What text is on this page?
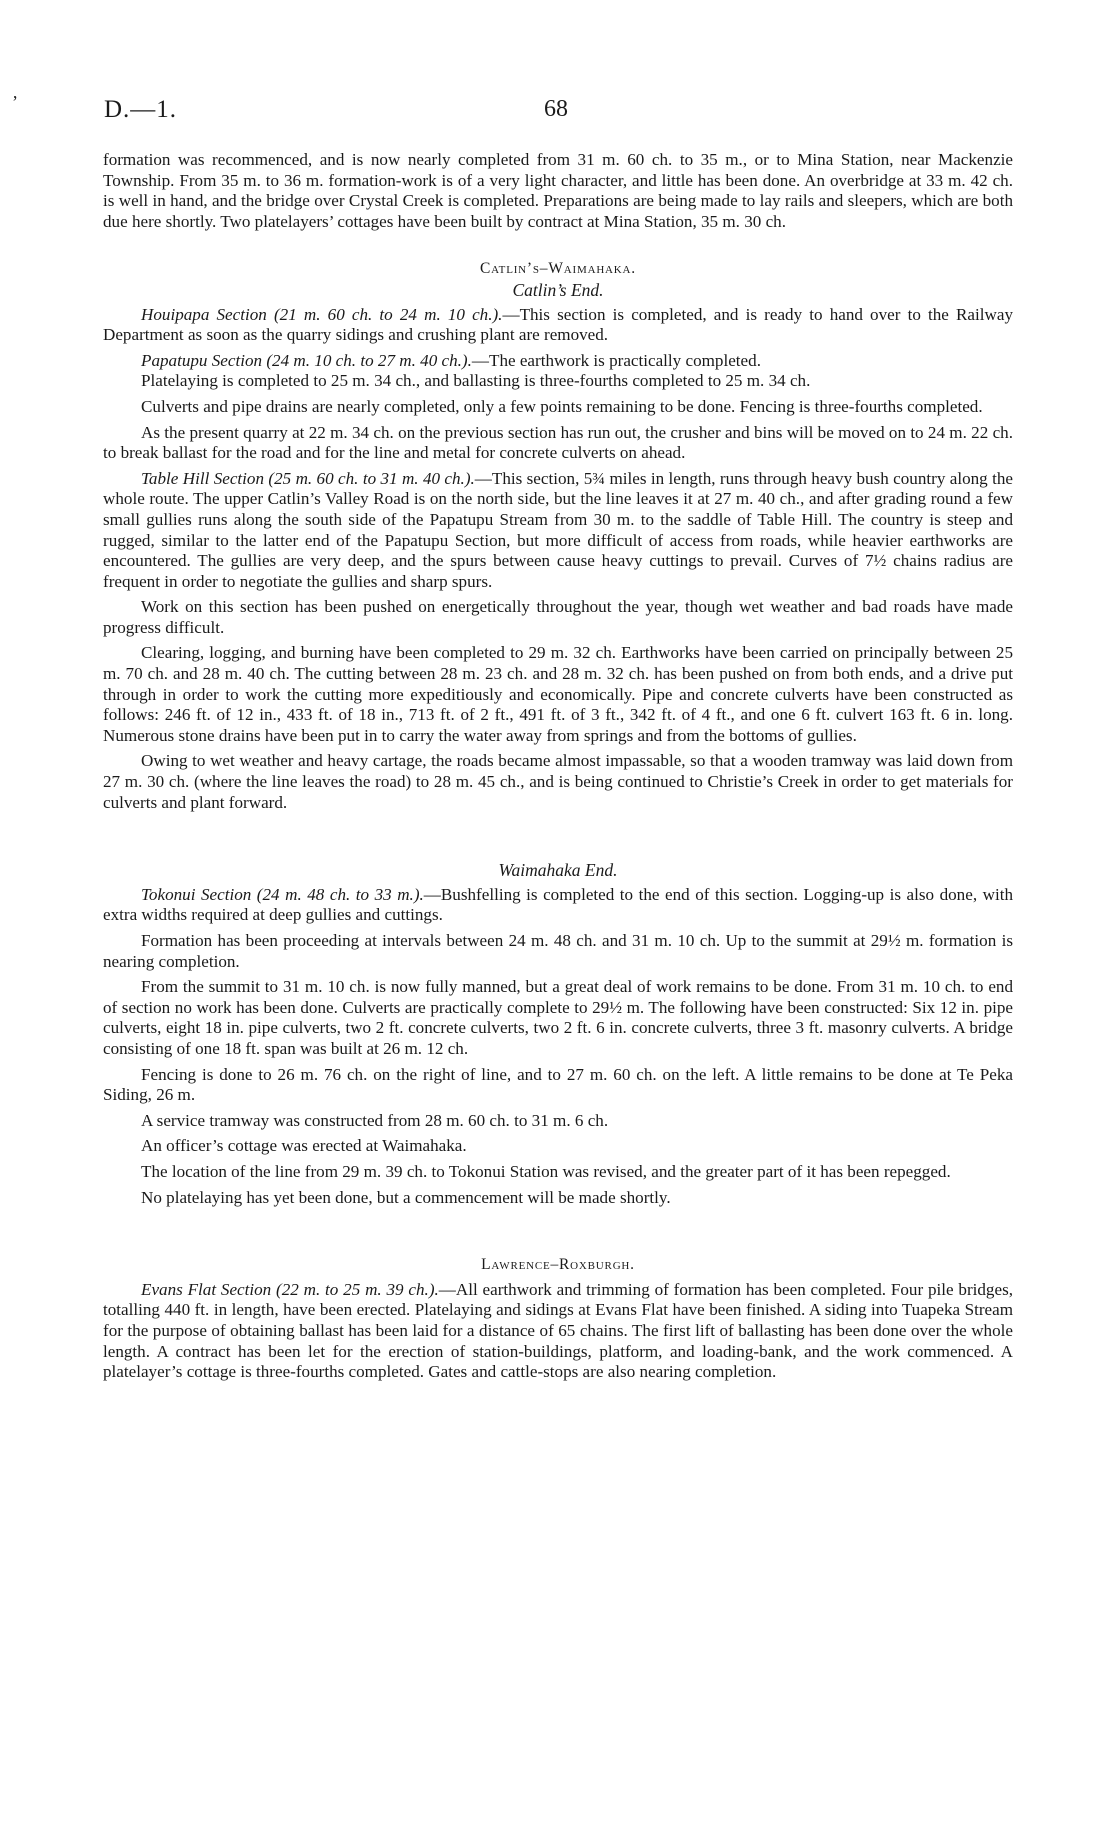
ʼ	D.—1.	68

formation was recommenced, and is now nearly completed from 31 m. 60 ch. to 35 m., or to Mina Station, near Mackenzie Township. From 35 m. to 36 m. formation-work is of a very light character, and little has been done. An overbridge at 33 m. 42 ch. is well in hand, and the bridge over Crystal Creek is completed. Preparations are being made to lay rails and sleepers, which are both due here shortly. Two platelayers’ cottages have been built by contract at Mina Station, 35 m. 30 ch.

Catlin’s–Waimahaka.

Catlin’s End.

Houipapa Section (21 m. 60 ch. to 24 m. 10 ch.).—This section is completed, and is ready to hand over to the Railway Department as soon as the quarry sidings and crushing plant are removed.

Papatupu Section (24 m. 10 ch. to 27 m. 40 ch.).—The earthwork is practically completed.

Platelaying is completed to 25 m. 34 ch., and ballasting is three-fourths completed to 25 m. 34 ch.

Culverts and pipe drains are nearly completed, only a few points remaining to be done. Fencing is three-fourths completed.

As the present quarry at 22 m. 34 ch. on the previous section has run out, the crusher and bins will be moved on to 24 m. 22 ch. to break ballast for the road and for the line and metal for concrete culverts on ahead.

Table Hill Section (25 m. 60 ch. to 31 m. 40 ch.).—This section, 5¾ miles in length, runs through heavy bush country along the whole route. The upper Catlin’s Valley Road is on the north side, but the line leaves it at 27 m. 40 ch., and after grading round a few small gullies runs along the south side of the Papatupu Stream from 30 m. to the saddle of Table Hill. The country is steep and rugged, similar to the latter end of the Papatupu Section, but more difficult of access from roads, while heavier earthworks are encountered. The gullies are very deep, and the spurs between cause heavy cuttings to prevail. Curves of 7½ chains radius are frequent in order to negotiate the gullies and sharp spurs.

Work on this section has been pushed on energetically throughout the year, though wet weather and bad roads have made progress difficult.

Clearing, logging, and burning have been completed to 29 m. 32 ch. Earthworks have been carried on principally between 25 m. 70 ch. and 28 m. 40 ch. The cutting between 28 m. 23 ch. and 28 m. 32 ch. has been pushed on from both ends, and a drive put through in order to work the cutting more expeditiously and economically. Pipe and concrete culverts have been constructed as follows: 246 ft. of 12 in., 433 ft. of 18 in., 713 ft. of 2 ft., 491 ft. of 3 ft., 342 ft. of 4 ft., and one 6 ft. culvert 163 ft. 6 in. long. Numerous stone drains have been put in to carry the water away from springs and from the bottoms of gullies.

Owing to wet weather and heavy cartage, the roads became almost impassable, so that a wooden tramway was laid down from 27 m. 30 ch. (where the line leaves the road) to 28 m. 45 ch., and is being continued to Christie’s Creek in order to get materials for culverts and plant forward.

Waimahaka End.

Tokonui Section (24 m. 48 ch. to 33 m.).—Bushfelling is completed to the end of this section. Logging-up is also done, with extra widths required at deep gullies and cuttings.

Formation has been proceeding at intervals between 24 m. 48 ch. and 31 m. 10 ch. Up to the summit at 29½ m. formation is nearing completion.

From the summit to 31 m. 10 ch. is now fully manned, but a great deal of work remains to be done. From 31 m. 10 ch. to end of section no work has been done. Culverts are practically complete to 29½ m. The following have been constructed: Six 12 in. pipe culverts, eight 18 in. pipe culverts, two 2 ft. concrete culverts, two 2 ft. 6 in. concrete culverts, three 3 ft. masonry culverts. A bridge consisting of one 18 ft. span was built at 26 m. 12 ch.

Fencing is done to 26 m. 76 ch. on the right of line, and to 27 m. 60 ch. on the left. A little remains to be done at Te Peka Siding, 26 m.

A service tramway was constructed from 28 m. 60 ch. to 31 m. 6 ch.

An officer’s cottage was erected at Waimahaka.

The location of the line from 29 m. 39 ch. to Tokonui Station was revised, and the greater part of it has been repegged.

No platelaying has yet been done, but a commencement will be made shortly.

Lawrence–Roxburgh.

Evans Flat Section (22 m. to 25 m. 39 ch.).—All earthwork and trimming of formation has been completed. Four pile bridges, totalling 440 ft. in length, have been erected. Platelaying and sidings at Evans Flat have been finished. A siding into Tuapeka Stream for the purpose of obtaining ballast has been laid for a distance of 65 chains. The first lift of ballasting has been done over the whole length. A contract has been let for the erection of station-buildings, platform, and loading-bank, and the work commenced. A platelayer’s cottage is three-fourths completed. Gates and cattle-stops are also nearing completion.
